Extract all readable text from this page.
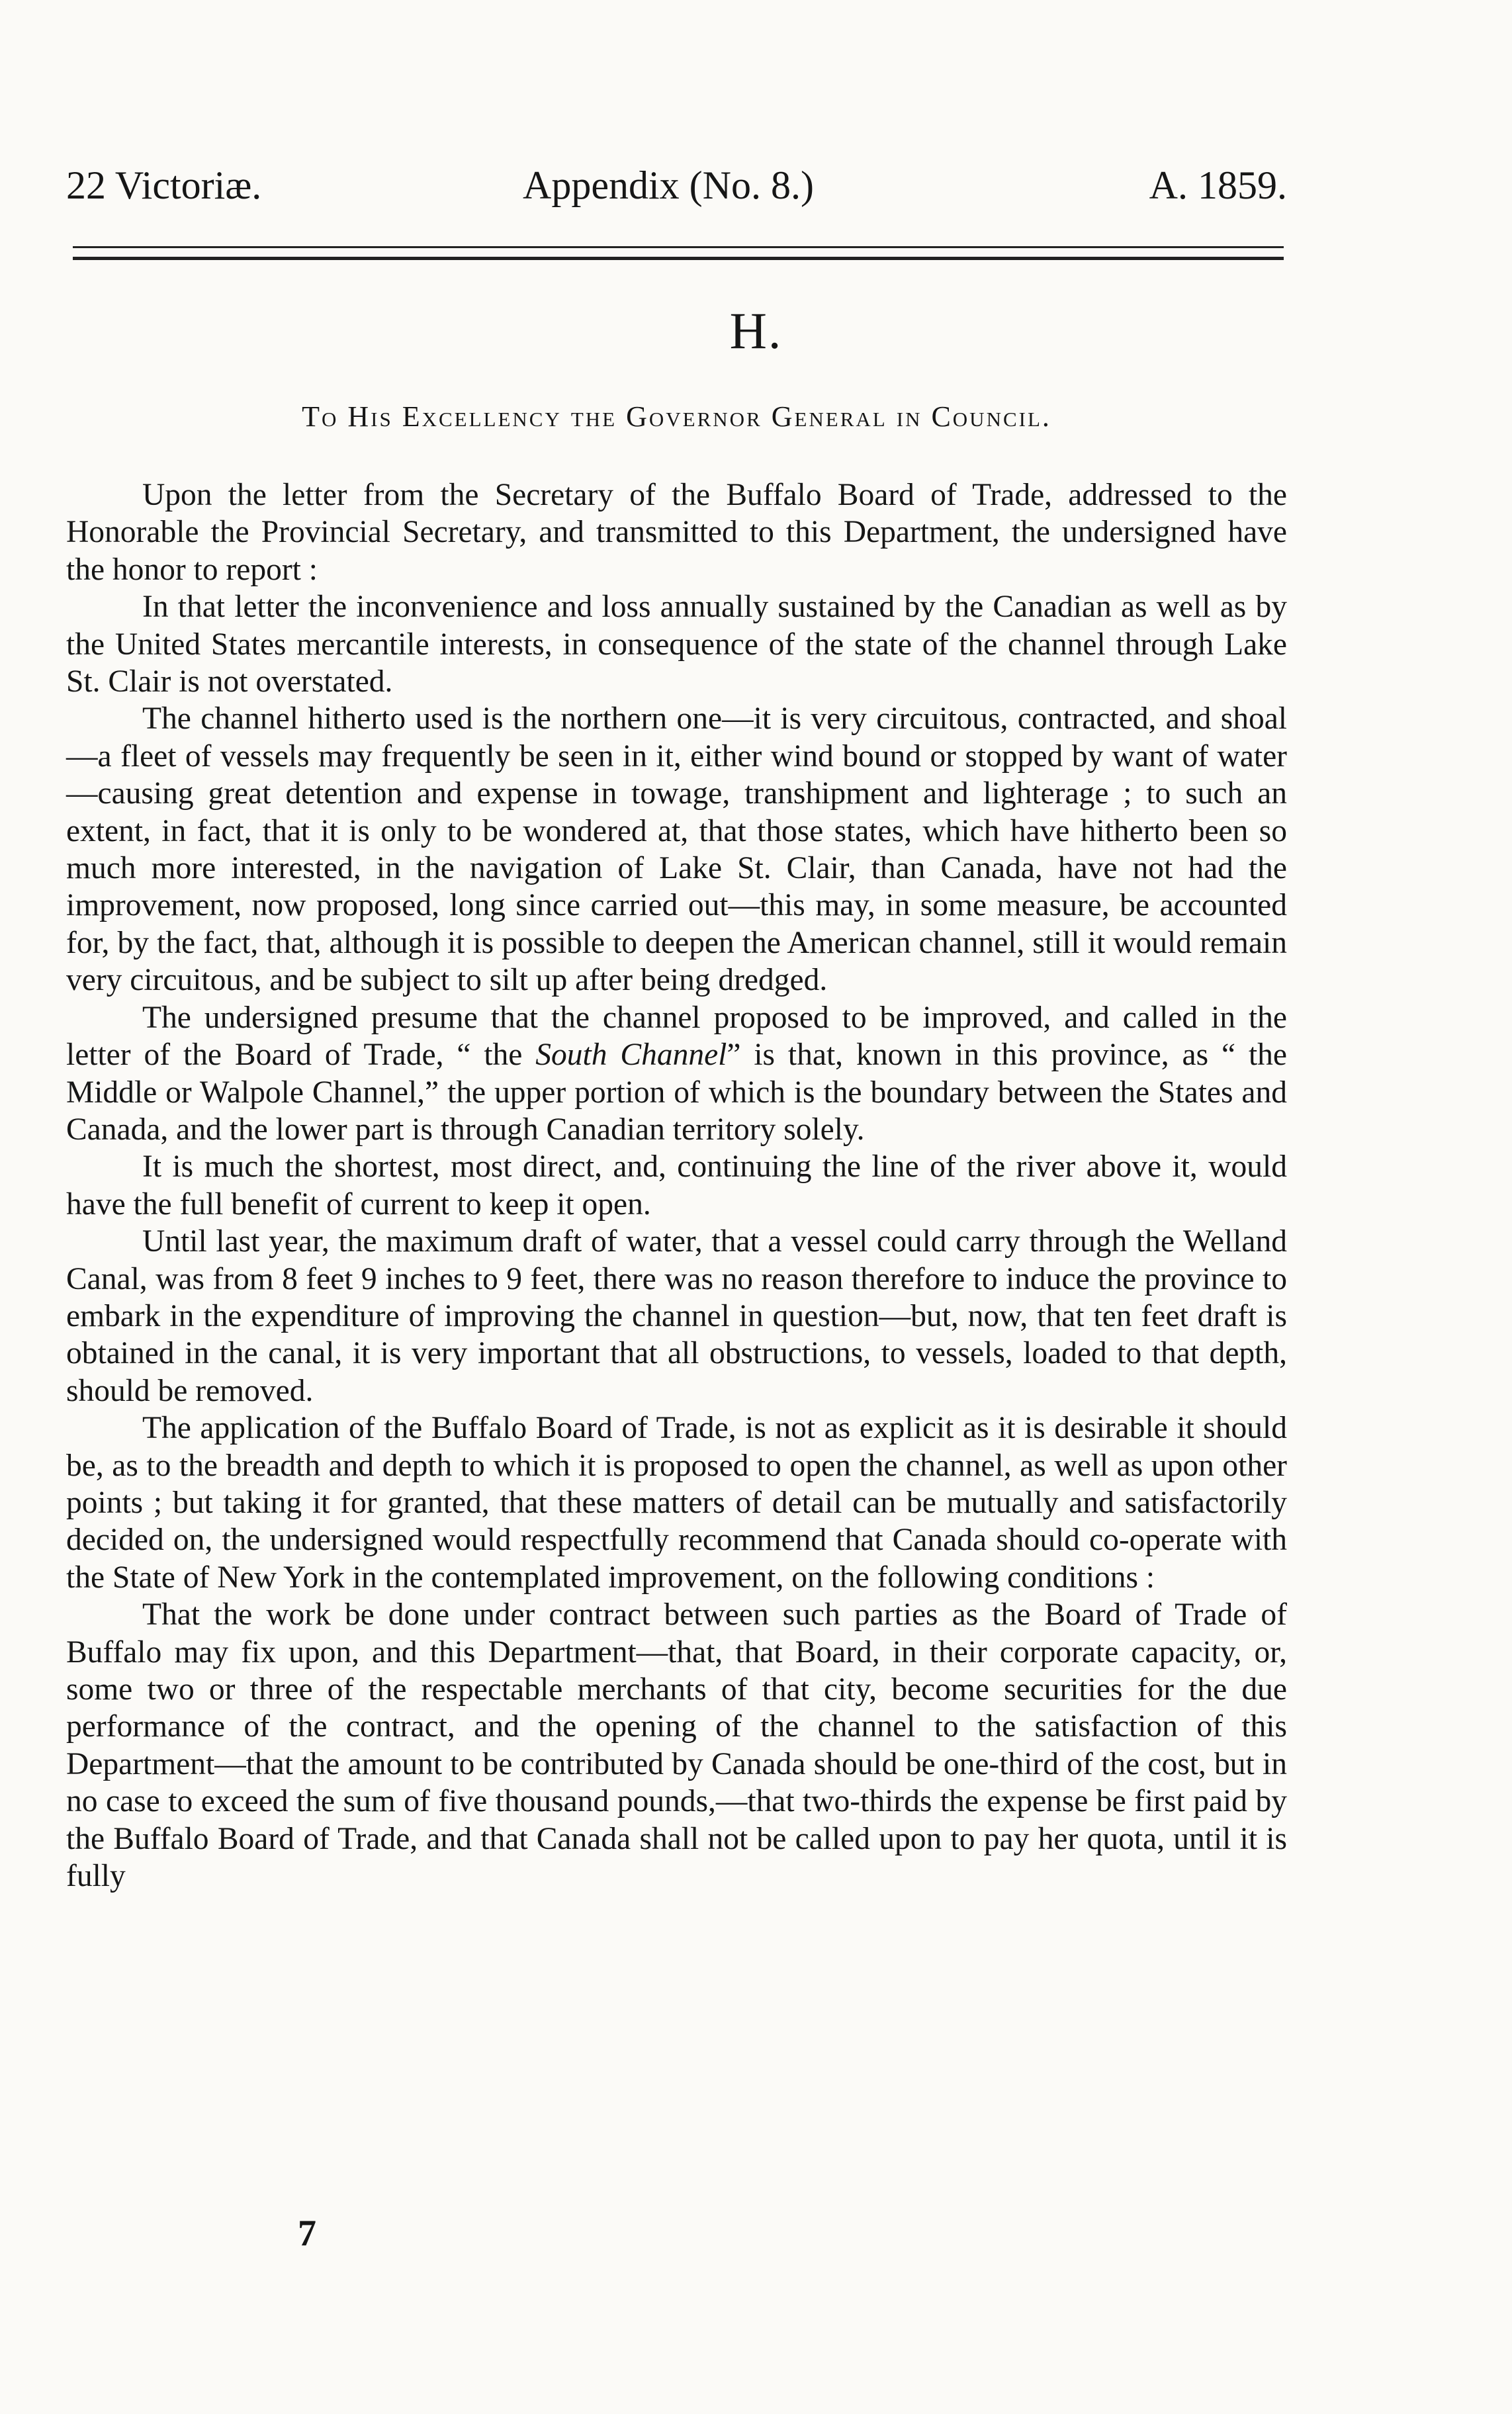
22 Victoriæ.	Appendix (No. 8.)	A. 1859.
H.
To His Excellency the Governor General in Council.

Upon the letter from the Secretary of the Buffalo Board of Trade, addressed to the Honorable the Provincial Secretary, and transmitted to this Department, the undersigned have the honor to report :

In that letter the inconvenience and loss annually sustained by the Canadian as well as by the United States mercantile interests, in consequence of the state of the channel through Lake St. Clair is not overstated.

The channel hitherto used is the northern one—it is very circuitous, contracted, and shoal—a fleet of vessels may frequently be seen in it, either wind bound or stopped by want of water—causing great detention and expense in towage, transhipment and lighterage ; to such an extent, in fact, that it is only to be wondered at, that those states, which have hitherto been so much more interested, in the navigation of Lake St. Clair, than Canada, have not had the improvement, now proposed, long since carried out—this may, in some measure, be accounted for, by the fact, that, although it is possible to deepen the American channel, still it would remain very circuitous, and be subject to silt up after being dredged.

The undersigned presume that the channel proposed to be improved, and called in the letter of the Board of Trade, “ the South Channel” is that, known in this province, as “ the Middle or Walpole Channel,” the upper portion of which is the boundary between the States and Canada, and the lower part is through Canadian territory solely.

It is much the shortest, most direct, and, continuing the line of the river above it, would have the full benefit of current to keep it open.

Until last year, the maximum draft of water, that a vessel could carry through the Welland Canal, was from 8 feet 9 inches to 9 feet, there was no reason therefore to induce the province to embark in the expenditure of improving the channel in question—but, now, that ten feet draft is obtained in the canal, it is very important that all obstructions, to vessels, loaded to that depth, should be removed.

The application of the Buffalo Board of Trade, is not as explicit as it is desirable it should be, as to the breadth and depth to which it is proposed to open the channel, as well as upon other points ; but taking it for granted, that these matters of detail can be mutually and satisfactorily decided on, the undersigned would respectfully recommend that Canada should co-operate with the State of New York in the contemplated improvement, on the following conditions :

That the work be done under contract between such parties as the Board of Trade of Buffalo may fix upon, and this Department—that, that Board, in their corporate capacity, or, some two or three of the respectable merchants of that city, become securities for the due performance of the contract, and the opening of the channel to the satisfaction of this Department—that the amount to be contributed by Canada should be one-third of the cost, but in no case to exceed the sum of five thousand pounds,—that two-thirds the expense be first paid by the Buffalo Board of Trade, and that Canada shall not be called upon to pay her quota, until it is fully

7
